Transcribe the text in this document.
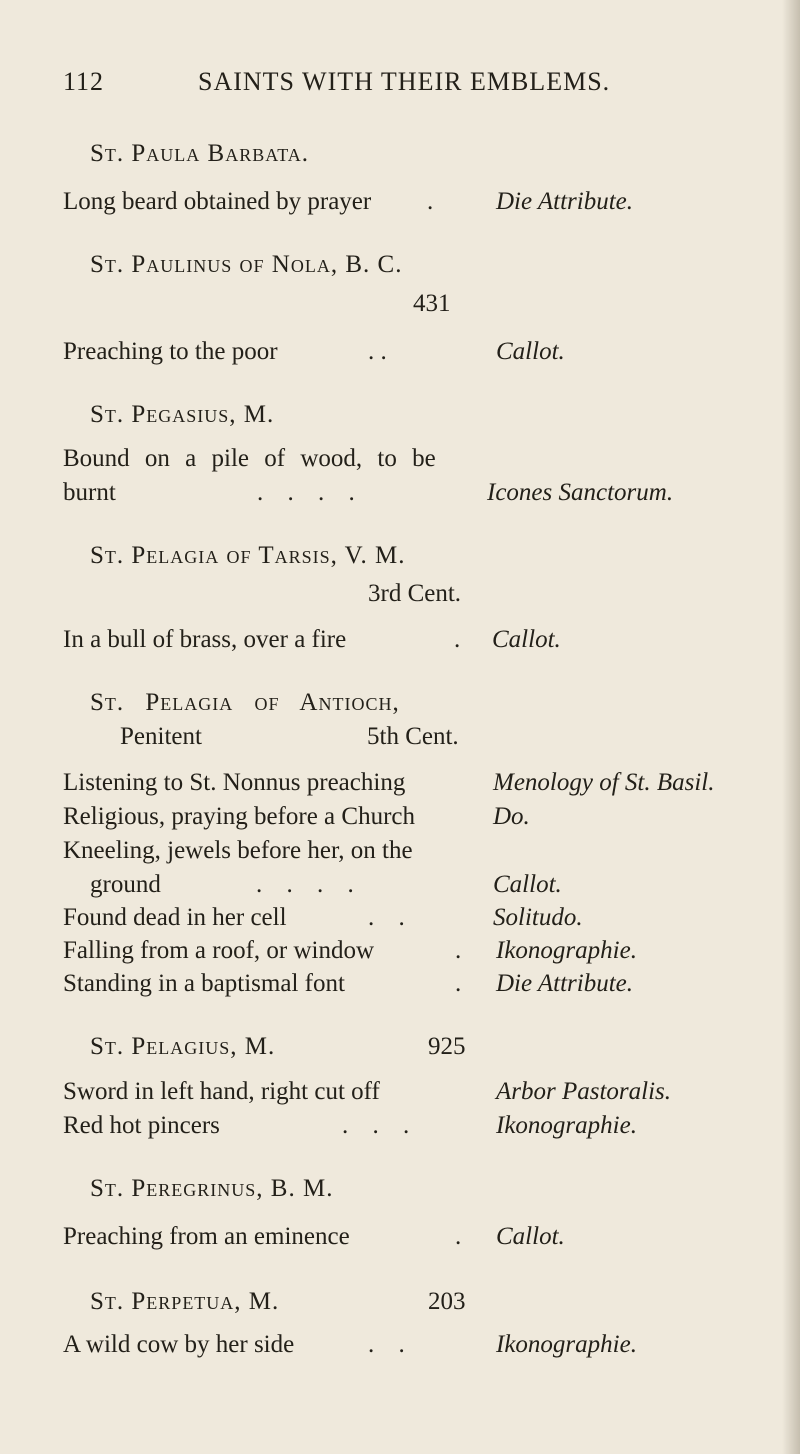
112	SAINTS WITH THEIR EMBLEMS.
St. Paula Barbata.
Long beard obtained by prayer .	Die Attribute.
St. Paulinus of Nola, B. C.
431
Preaching to the poor	. .	Callot.
St. Pegasius, M.
Bound on a pile of wood, to be
burnt	. . . .	Icones Sanctorum.
St. Pelagia of Tarsis, V. M.
3rd Cent.
In a bull of brass, over a fire	. Callot.
St. Pelagia of Antioch,
Penitent	5th Cent.
Listening to St. Nonnus preaching	Menology of St. Basil.
Religious, praying before a Church	Do.
Kneeling, jewels before her, on the
ground	. . . .	Callot.
Found dead in her cell	. .	Solitudo.
Falling from a roof, or window	. Ikonographie.
Standing in a baptismal font	. Die Attribute.
St. Pelagius, M.	925
Sword in left hand, right cut off	Arbor Pastoralis.
Red hot pincers	. . .	Ikonographie.
St. Peregrinus, B. M.
Preaching from an eminence	. Callot.
St. Perpetua, M.	203
A wild cow by her side	. .	Ikonographie.
